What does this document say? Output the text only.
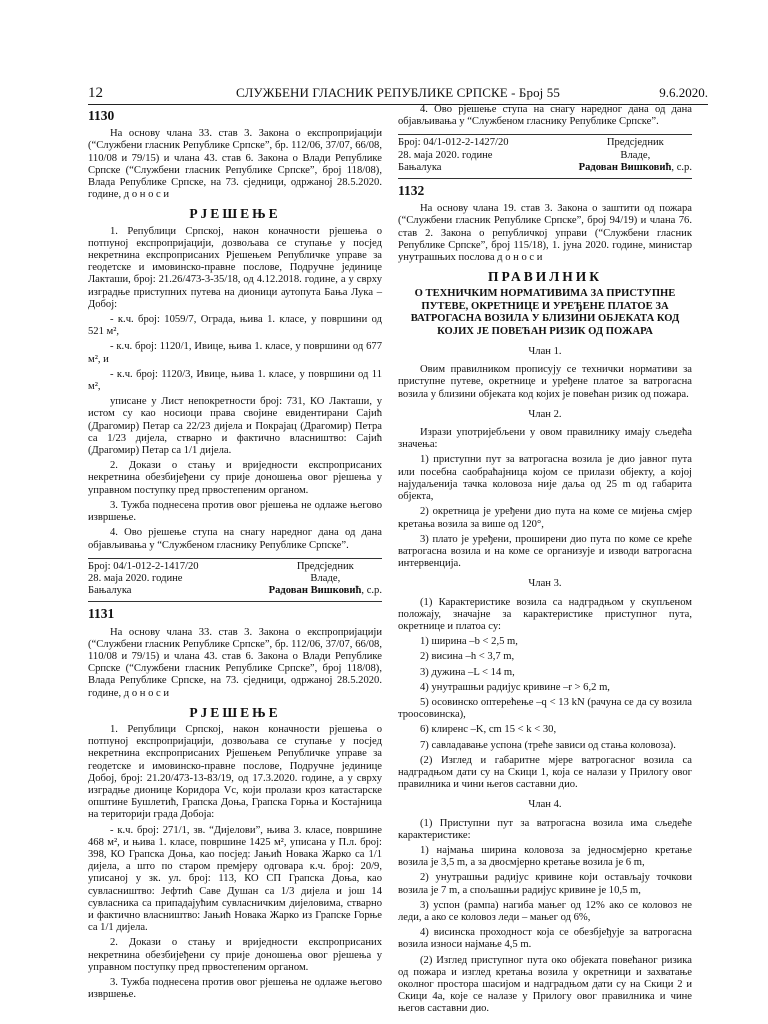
12	СЛУЖБЕНИ ГЛАСНИК РЕПУБЛИКЕ СРПСКЕ - Број 55	9.6.2020.
1130

На основу члана 33. став 3. Закона о експропријацији (“Службени гласник Републике Српске”, бр. 112/06, 37/07, 66/08, 110/08 и 79/15) и члана 43. став 6. Закона о Влади Републике Српске (“Службени гласник Републике Српске”, број 118/08), Влада Републике Српске, на 73. сједници, одржаној 28.5.2020. године, д о н о с и

РЈЕШЕЊЕ

1. Републици Српској, након коначности рјешења о потпуној експропријацији, дозвољава се ступање у посјед некретнина експроприсаних Рјешењем Републичке управе за геодетске и имовинско-правне послове, Подручне јединице Лакташи, број: 21.26/473-3-35/18, од 4.12.2018. године, а у сврху изградње приступних путева на дионици аутопута Бања Лука – Добој:

- к.ч. број: 1059/7, Ограда, њива 1. класе, у површини од 521 м²,

- к.ч. број: 1120/1, Ивице, њива 1. класе, у површини од 677 м², и

- к.ч. број: 1120/3, Ивице, њива 1. класе, у површини од 11 м²,

уписане у Лист непокретности број: 731, КО Лакташи, у истом су као носиоци права својине евидентирани Сајић (Драгомир) Петар са 22/23 дијела и Покрајац (Драгомир) Петра са 1/23 дијела, стварно и фактично власништво: Сајић (Драгомир) Петар са 1/1 дијела.

2. Докази о стању и вриједности експроприсаних некретнина обезбијеђени су прије доношења овог рјешења у управном поступку пред првостепеним органом.

3. Тужба поднесена против овог рјешења не одлаже његово извршење.

4. Ово рјешење ступа на снагу наредног дана од дана објављивања у “Службеном гласнику Републике Српске”.

Број: 04/1-012-2-1417/20
28. маја 2020. године
Бањалука
Предсједник
Владе,
Радован Вишковић, с.р.
1131

На основу члана 33. став 3. Закона о експропријацији (“Службени гласник Републике Српске”, бр. 112/06, 37/07, 66/08, 110/08 и 79/15) и члана 43. став 6. Закона о Влади Републике Српске (“Службени гласник Републике Српске”, број 118/08), Влада Републике Српске, на 73. сједници, одржаној 28.5.2020. године, д о н о с и

РЈЕШЕЊЕ

1. Републици Српској, након коначности рјешења о потпуној експропријацији, дозвољава се ступање у посјед некретнина експроприсаних Рјешењем Републичке управе за геодетске и имовинско-правне послове, Подручне јединице Добој, број: 21.20/473-13-83/19, од 17.3.2020. године, а у сврху изградње дионице Коридора Vc, који пролази кроз катастарске општине Бушлетић, Грапска Доња, Грапска Горња и Костајница на територији града Добоја:

- к.ч. број: 271/1, зв. “Дијелови”, њива 3. класе, површине 468 м², и њива 1. класе, површине 1425 м², уписана у П.л. број: 398, КО Грапска Доња, као посјед: Јањић Новака Жарко са 1/1 дијела, а што по старом премјеру одговара к.ч. број: 20/9, уписаној у зк. ул. број: 113, КО СП Грапска Доња, као сувласништво: Јефтић Саве Душан са 1/3 дијела и још 14 сувласника са припадајућим сувласничким дијеловима, стварно и фактично власништво: Јањић Новака Жарко из Грапске Горње са 1/1 дијела.

2. Докази о стању и вриједности експроприсаних некретнина обезбијеђени су прије доношења овог рјешења у управном поступку пред првостепеним органом.

3. Тужба поднесена против овог рјешења не одлаже његово извршење.

4. Ово рјешење ступа на снагу наредног дана од дана објављивања у “Службеном гласнику Републике Српске”.

Број: 04/1-012-2-1427/20
28. маја 2020. године
Бањалука
Предсједник
Владе,
Радован Вишковић, с.р.
1132

На основу члана 19. став 3. Закона о заштити од пожара (“Службени гласник Републике Српске”, број 94/19) и члана 76. став 2. Закона о републичкој управи (“Службени гласник Републике Српске”, број 115/18), 1. јуна 2020. године, министар унутрашњих послова д о н о с и

ПРАВИЛНИК
О ТЕХНИЧКИМ НОРМАТИВИМА ЗА ПРИСТУПНЕ ПУТЕВЕ, ОКРЕТНИЦЕ И УРЕЂЕНЕ ПЛАТОЕ ЗА ВАТРОГАСНА ВОЗИЛА У БЛИЗИНИ ОБЈЕКАТА КОД КОЈИХ ЈЕ ПОВЕЋАН РИЗИК ОД ПОЖАРА
Члан 1.

Овим правилником прописују се технички нормативи за приступне путеве, окретнице и уређене платое за ватрогасна возила у близини објеката код којих је повећан ризик од пожара.

Члан 2.

Изрази употријебљени у овом правилнику имају сљедећа значења:

1) приступни пут за ватрогасна возила је дио јавног пута или посебна саобраћајница којом се прилази објекту, а којој најудаљенија тачка коловоза није даља од 25 m од габарита објекта,

2) окретница је уређени дио пута на коме се мијења смјер кретања возила за више од 120°,

3) плато је уређени, проширени дио пута по коме се креће ватрогасна возила и на коме се организује и изводи ватрогасна интервенција.

Члан 3.

(1) Карактеристике возила са надградњом у скупљеном положају, значајне за карактеристике приступног пута, окретнице и платоа су:

1) ширина –b < 2,5 m,

2) висина –h < 3,7 m,

3) дужина –L < 14 m,

4) унутрашњи радијус кривине –r > 6,2 m,

5) осовинско оптерећење –q < 13 kN (рачуна се да су возила троосовинска),

6) клиренс –K, cm 15 < k < 30,

7) савладавање успона (треће зависи од стања коловоза).

(2) Изглед и габаритне мјере ватрогасног возила са надградњом дати су на Скици 1, која се налази у Прилогу овог правилника и чини његов саставни дио.

Члан 4.

(1) Приступни пут за ватрогасна возила има сљедеће карактеристике:

1) најмања ширина коловоза за једносмјерно кретање возила је 3,5 m, а за двосмјерно кретање возила је 6 m,

2) унутрашњи радијус кривине који остављају точкови возила је 7 m, а спољашњи радијус кривине је 10,5 m,

3) успон (рампа) нагиба мањег од 12% ако се коловоз не леди, а ако се коловоз леди – мањег од 6%,

4) висинска проходност која се обезбјеђује за ватрогасна возила износи најмање 4,5 m.

(2) Изглед приступног пута око објеката повећаног ризика од пожара и изглед кретања возила у окретници и захватање околног простора шасијом и надградњом дати су на Скици 2 и Скици 4а, које се налазе у Прилогу овог правилника и чине његов саставни дио.
